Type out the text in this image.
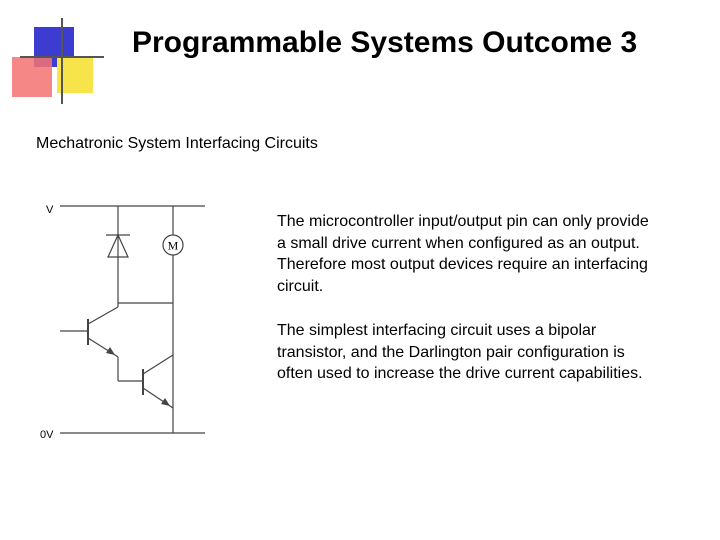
Programmable Systems Outcome 3
Mechatronic System Interfacing Circuits
V
M
0V

The microcontroller input/output pin can only provide a small drive current when configured as an output. Therefore most output devices require an interfacing circuit.

The simplest interfacing circuit uses a bipolar transistor, and the Darlington pair configuration is often used to increase the drive current capabilities.
